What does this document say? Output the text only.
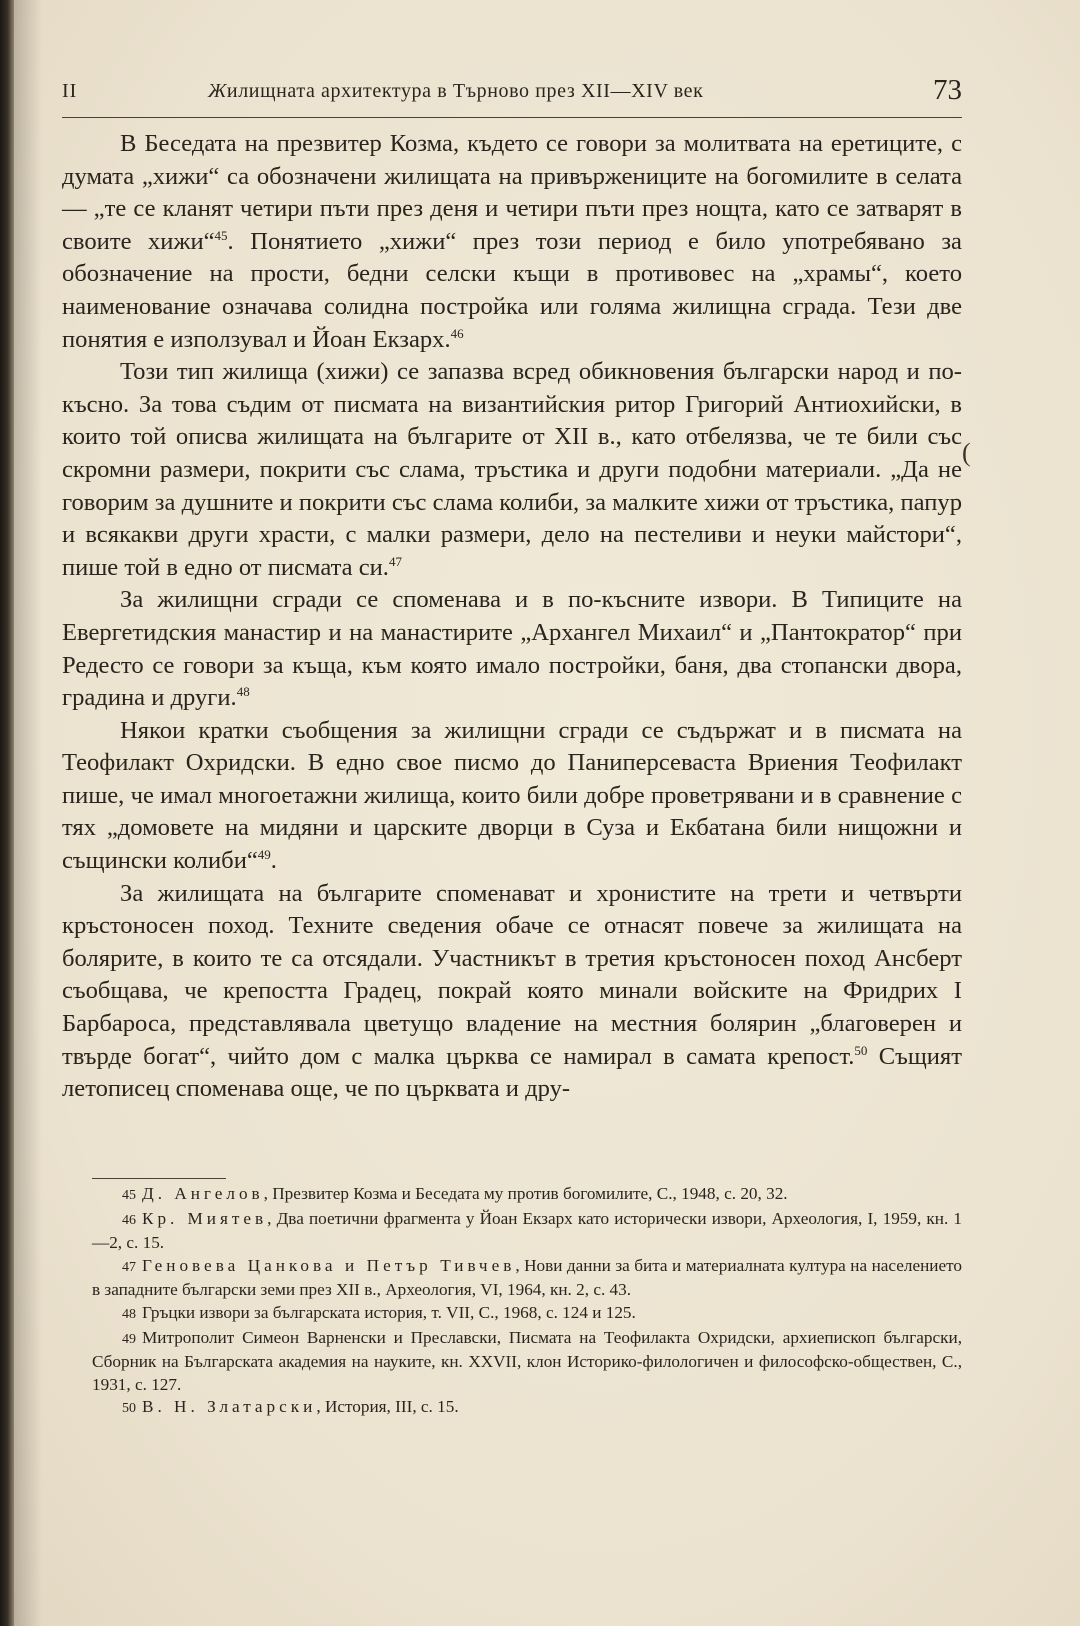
II	Жилищната архитектура в Търново през XII—XIV век	73

В Беседата на презвитер Козма, където се говори за молитвата на еретиците, с думата „хижи“ са обозначени жилищата на привържениците на богомилите в селата — „те се кланят четири пъти през деня и четири пъти през нощта, като се затварят в своите хижи“$^{45}$. Понятието „хижи“ през този период е било употребявано за обозначение на прости, бедни селски къщи в противовес на „храмы“, което наименование означава солидна постройка или голяма жилищна сграда. Тези две понятия е използувал и Йоан Екзарх.$^{46}$

Този тип жилища (хижи) се запазва всред обикновения български народ и по-късно. За това съдим от писмата на византийския ритор Григорий Антиохийски, в които той описва жилищата на българите от XII в., като отбелязва, че те били със скромни размери, покрити със слама, тръстика и други подобни материали. „Да не говорим за душните и покрити със слама колиби, за малките хижи от тръстика, папур и всякакви други храсти, с малки размери, дело на пестеливи и неуки майстори“, пише той в едно от писмата си.$^{47}$

За жилищни сгради се споменава и в по-късните извори. В Типиците на Евергетидския манастир и на манастирите „Архангел Михаил“ и „Пантократор“ при Редесто се говори за къща, към която имало постройки, баня, два стопански двора, градина и други.$^{48}$

Някои кратки съобщения за жилищни сгради се съдържат и в писмата на Теофилакт Охридски. В едно свое писмо до Паниперсеваста Вриения Теофилакт пише, че имал многоетажни жилища, които били добре проветрявани и в сравнение с тях „домовете на мидяни и царските дворци в Суза и Екбатана били нищожни и същински колиби“$^{49}$.

За жилищата на българите споменават и хронистите на трети и четвърти кръстоносен поход. Техните сведения обаче се отнасят повече за жилищата на болярите, в които те са отсядали. Участникът в третия кръстоносен поход Ансберт съобщава, че крепостта Градец, покрай която минали войските на Фридрих I Барбароса, представлявала цветущо владение на местния болярин „благоверен и твърде богат“, чийто дом с малка църква се намирал в самата крепост.$^{50}$ Същият летописец споменава още, че по църквата и дру-

(

45 Д. Ангелов, Презвитер Козма и Беседата му против богомилите, С., 1948, с. 20, 32.

46 Кр. Миятев, Два поетични фрагмента у Йоан Екзарх като исторически извори, Археология, I, 1959, кн. 1—2, с. 15.

47 Геновева Цанкова и Петър Тивчев, Нови данни за бита и материалната култура на населението в западните български земи през XII в., Археология, VI, 1964, кн. 2, с. 43.

48 Гръцки извори за българската история, т. VII, С., 1968, с. 124 и 125.

49 Митрополит Симеон Варненски и Преславски, Писмата на Теофилакта Охридски, архиепископ български, Сборник на Българската академия на науките, кн. XXVII, клон Историко-филологичен и философско-обществен, С., 1931, с. 127.

50 В. Н. Златарски, История, III, с. 15.
